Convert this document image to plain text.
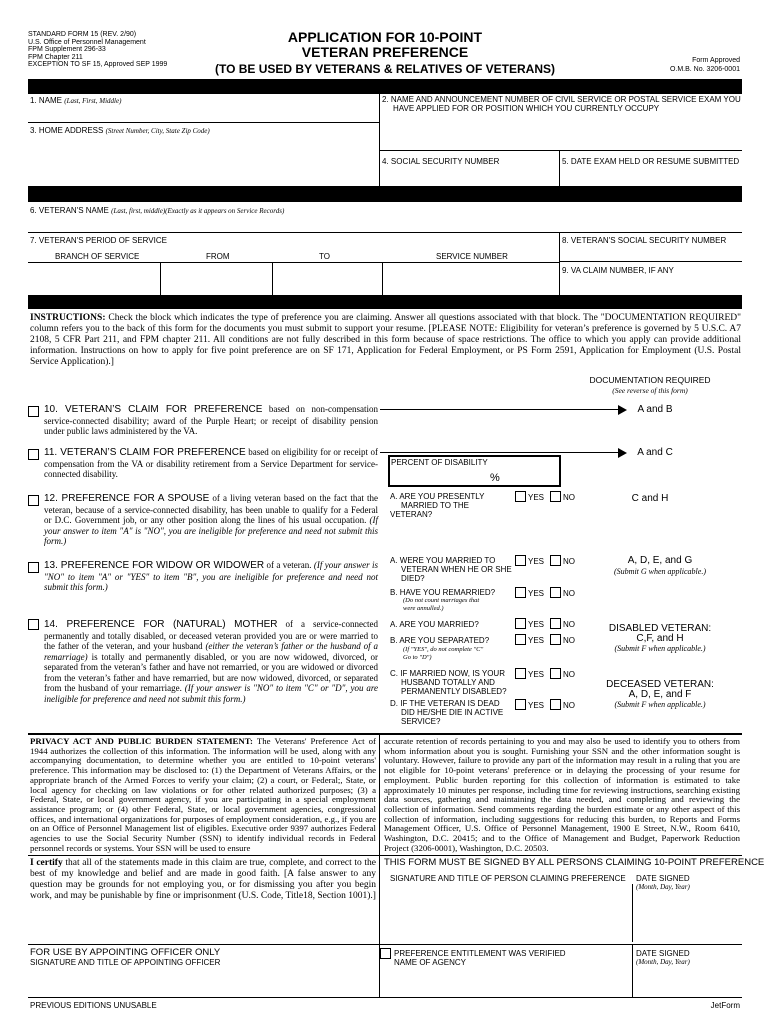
STANDARD FORM 15 (REV. 2/90)
U.S. Office of Personnel Management
FPM Supplement 296-33
FPM Chapter 211
EXCEPTION TO SF 15, Approved SEP 1999
APPLICATION FOR 10-POINT
VETERAN PREFERENCE
(TO BE USED BY VETERANS & RELATIVES OF VETERANS)
Form Approved
O.M.B. No. 3206-0001
1. NAME (Last, First, Middle)	2. NAME AND ANNOUNCEMENT NUMBER OF CIVIL SERVICE OR POSTAL SERVICE EXAM YOU
HAVE APPLIED FOR OR POSITION WHICH YOU CURRENTLY OCCUPY
3. HOME ADDRESS (Street Number, City, State Zip Code)
4. SOCIAL SECURITY NUMBER	5. DATE EXAM HELD OR RESUME SUBMITTED
6. VETERAN'S NAME (Last, first, middle)(Exactly as it appears on Service Records)
7. VETERAN'S PERIOD OF SERVICE
BRANCH OF SERVICE	FROM	TO	SERVICE NUMBER
8. VETERAN'S SOCIAL SECURITY NUMBER
9. VA CLAIM NUMBER, IF ANY
INSTRUCTIONS: Check the block which indicates the type of preference you are claiming. Answer all questions associated with that block. The "DOCUMENTATION REQUIRED" column refers you to the back of this form for the documents you must submit to support your resume. [PLEASE NOTE: Eligibility for veteran’s preference is governed by 5 U.S.C. A7 2108, 5 CFR Part 211, and FPM chapter 211. All conditions are not fully described in this form because of space restrictions. The office to which you apply can provide additional information. Instructions on how to apply for five point preference are on SF 171, Application for Federal Employment, or PS Form 2591, Application for Employment (U.S. Postal Service Application).]
DOCUMENTATION REQUIRED
(See reverse of this form)
10. VETERAN’S CLAIM FOR PREFERENCE based on non-compensation service-connected disability; award of the Purple Heart; or receipt of disability pension under public laws administered by the VA.
A and B
11. VETERAN’S CLAIM FOR PREFERENCE based on eligibility for or receipt of compensation from the VA or disability retirement from a Service Department for service-connected disability.
A and C
PERCENT OF DISABILITY
%
12. PREFERENCE FOR A SPOUSE of a living veteran based on the fact that the veteran, because of a service-connected disability, has been unable to qualify for a Federal or D.C. Government job, or any other position along the lines of his usual occupation. (If your answer to item "A" is "NO", you are ineligible for preference and need not submit this form.)
A. ARE YOU PRESENTLY
MARRIED TO THE
VETERAN?
YES NO	C and H
13. PREFERENCE FOR WIDOW OR WIDOWER of a veteran. (If your answer is "NO" to item "A" or "YES" to item "B", you are ineligible for preference and need not submit this form.)
A. WERE YOU MARRIED TO
VETERAN WHEN HE OR SHE
DIED?
YES NO
B. HAVE YOU REMARRIED?
(Do not count marriages that
were annulled.)
YES NO
A, D, E, and G
(Submit G when applicable.)
14. PREFERENCE FOR (NATURAL) MOTHER of a service-connected permanently and totally disabled, or deceased veteran provided you are or were married to the father of the veteran, and your husband (either the veteran’s father or the husband of a remarriage) is totally and permanently disabled, or you are now widowed, divorced, or separated from the veteran’s father and have not remarried, or you are widowed or divorced from the veteran’s father and have remarried, but are now widowed, divorced, or separated from the husband of your remarriage. (If your answer is "NO" to item "C" or "D", you are ineligible for preference and need not submit this form.)
A. ARE YOU MARRIED?	YES NO
B. ARE YOU SEPARATED?
(If "YES", do not complete "C"
Go to "D")
YES NO
C. IF MARRIED NOW, IS YOUR
HUSBAND TOTALLY AND
PERMANENTLY DISABLED?
YES NO
D. IF THE VETERAN IS DEAD
DID HE/SHE DIE IN ACTIVE
SERVICE?
YES NO
DISABLED VETERAN:
C,F, and H
(Submit F when applicable.)
DECEASED VETERAN:
A, D, E, and F
(Submit F when applicable.)
PRIVACY ACT AND PUBLIC BURDEN STATEMENT: The Veterans' Preference Act of 1944 authorizes the collection of this information. The information will be used, along with any accompanying documentation, to determine whether you are entitled to 10-point veterans' preference. This information may be disclosed to: (1) the Department of Veterans Affairs, or the appropriate branch of the Armed Forces to verify your claim; (2) a court, or Federal;, State, or local agency for checking on law violations or for other related authorized purposes; (3) a Federal, State, or local government agency, if you are participating in a special employment assistance program; or (4) other Federal, State, or local government agencies, congressional offices, and international organizations for purposes of employment consideration, e.g., if you are on an Office of Personnel Management list of eligibles. Executive order 9397 authorizes Federal agencies to use the Social Security Number (SSN) to identify individual records in Federal personnel records or systems. Your SSN will be used to ensure
accurate retention of records pertaining to you and may also be used to identify you to others from whom information about you is sought. Furnishing your SSN and the other information sought is voluntary. However, failure to provide any part of the information may result in a ruling that you are not eligible for 10-point veterans' preference or in delaying the processing of your resume for employment. Public burden reporting for this collection of information is estimated to take approximately 10 minutes per response, including time for reviewing instructions, searching existing data sources, gathering and maintaining the data needed, and completing and reviewing the collection of information. Send comments regarding the burden estimate or any other aspect of this collection of information, including suggestions for reducing this burden, to Reports and Forms Management Officer, U.S. Office of Personnel Management, 1900 E Street, N.W., Room 6410, Washington, D.C. 20415; and to the Office of Management and Budget, Paperwork Reduction Project (3206-0001), Washington, D.C. 20503.
I certify that all of the statements made in this claim are true, complete, and correct to the best of my knowledge and belief and are made in good faith. [A false answer to any question may be grounds for not employing you, or for dismissing you after you begin work, and may be punishable by fine or imprisonment (U.S. Code, Title18, Section 1001).]
THIS FORM MUST BE SIGNED BY ALL PERSONS CLAIMING 10-POINT PREFERENCE
SIGNATURE AND TITLE OF PERSON CLAIMING PREFERENCE DATE SIGNED
(Month, Day, Year)
FOR USE BY APPOINTING OFFICER ONLY
SIGNATURE AND TITLE OF APPOINTING OFFICER
PREFERENCE ENTITLEMENT WAS VERIFIED
NAME OF AGENCY
DATE SIGNED
(Month, Day, Year)
PREVIOUS EDITIONS UNUSABLE	JetForm
